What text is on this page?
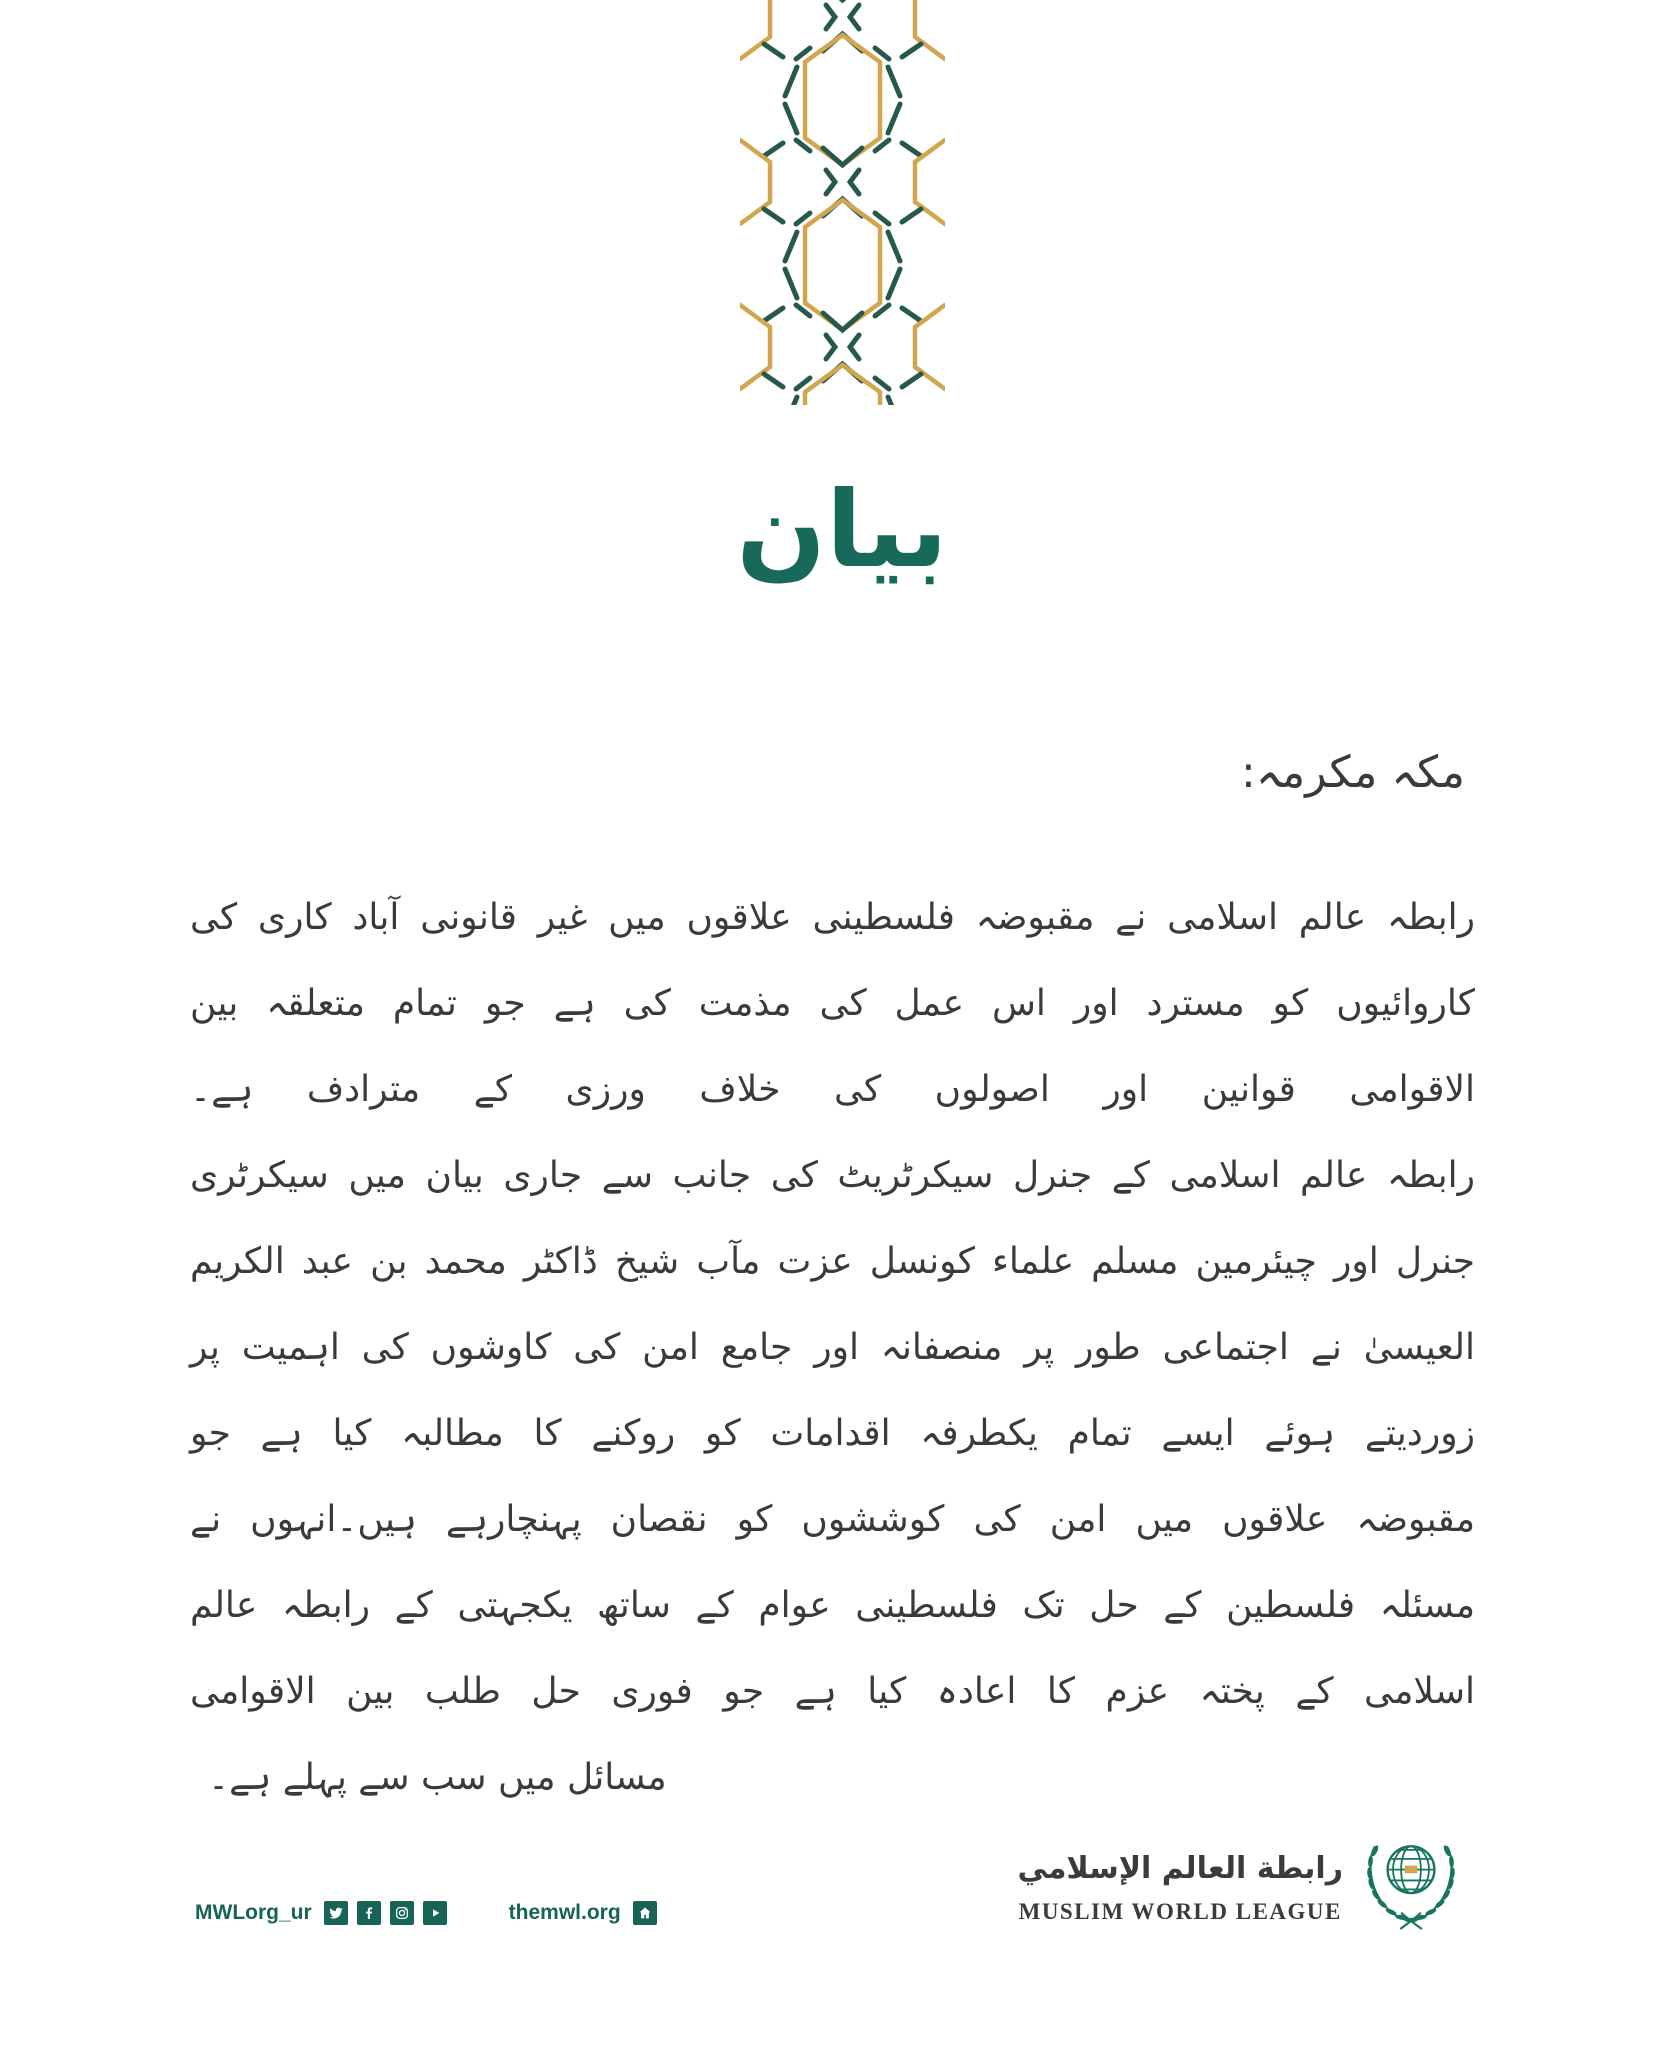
بیان
مکہ مکرمہ:
رابطہ عالم اسلامی نے مقبوضہ فلسطینی علاقوں میں غیر قانونی آباد کاری کی
کاروائیوں کو مسترد اور اس عمل کی مذمت کی ہے جو تمام متعلقہ بین
الاقوامی قوانین اور اصولوں کی خلاف ورزی کے مترادف ہے۔
رابطہ عالم اسلامی کے جنرل سیکرٹریٹ کی جانب سے جاری بیان میں سیکرٹری
جنرل اور چیئرمین مسلم علماء کونسل عزت مآب شیخ ڈاکٹر محمد بن عبد الکریم
العیسیٰ نے اجتماعی طور پر منصفانہ اور جامع امن کی کاوشوں کی اہمیت پر
زوردیتے ہوئے ایسے تمام یکطرفہ اقدامات کو روکنے کا مطالبہ کیا ہے جو
مقبوضہ علاقوں میں امن کی کوششوں کو نقصان پہنچارہے ہیں۔انہوں نے
مسئلہ فلسطین کے حل تک فلسطینی عوام کے ساتھ یکجہتی کے رابطہ عالم
اسلامی کے پختہ عزم کا اعادہ کیا ہے جو فوری حل طلب بین الاقوامی
مسائل میں سب سے پہلے ہے۔
رابطة العالم الإسلامي
MUSLIM WORLD LEAGUE
MWLorg_ur	themwl.org
